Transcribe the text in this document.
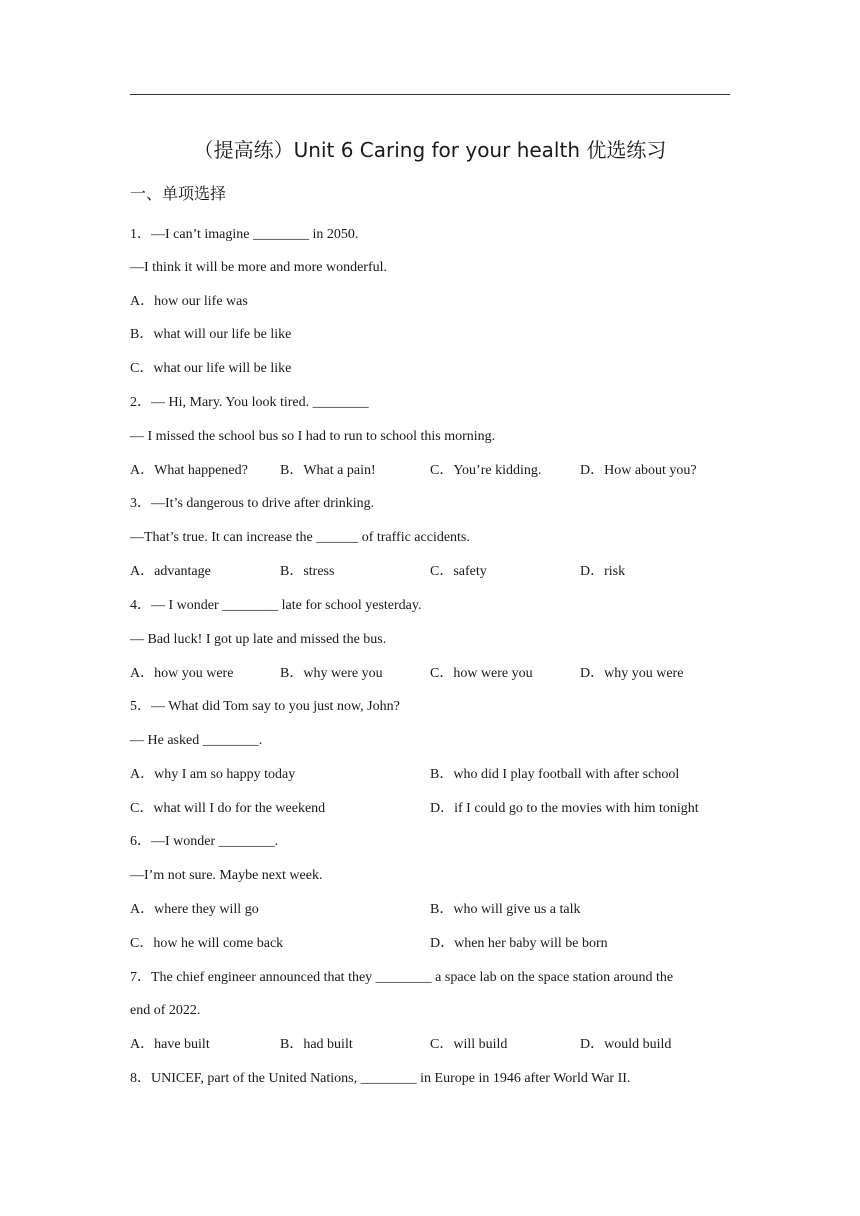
（提高练）Unit 6 Caring for your health 优选练习
一、单项选择
1．—I can’t imagine ________ in 2050.
—I think it will be more and more wonderful.
A．how our life was
B．what will our life be like
C．what our life will be like
2．— Hi, Mary. You look tired. ________
— I missed the school bus so I had to run to school this morning.
A．What happened? B．What a pain!	C．You’re kidding.	D．How about you?
3．—It’s dangerous to drive after drinking.
—That’s true. It can increase the ______ of traffic accidents.
A．advantage	B．stress	C．safety	D．risk
4．— I wonder ________ late for school yesterday.
— Bad luck! I got up late and missed the bus.
A．how you were	B．why were you	C．how were you	D．why you were
5．— What did Tom say to you just now, John?
— He asked ________.
A．why I am so happy today	B．who did I play football with after school
C．what will I do for the weekend	D．if I could go to the movies with him tonight
6．—I wonder ________.
—I’m not sure. Maybe next week.
A．where they will go	B．who will give us a talk
C．how he will come back	D．when her baby will be born
7．The chief engineer announced that they ________ a space lab on the space station around the
end of 2022.
A．have built	B．had built	C．will build	D．would build
8．UNICEF, part of the United Nations, ________ in Europe in 1946 after World War II.
